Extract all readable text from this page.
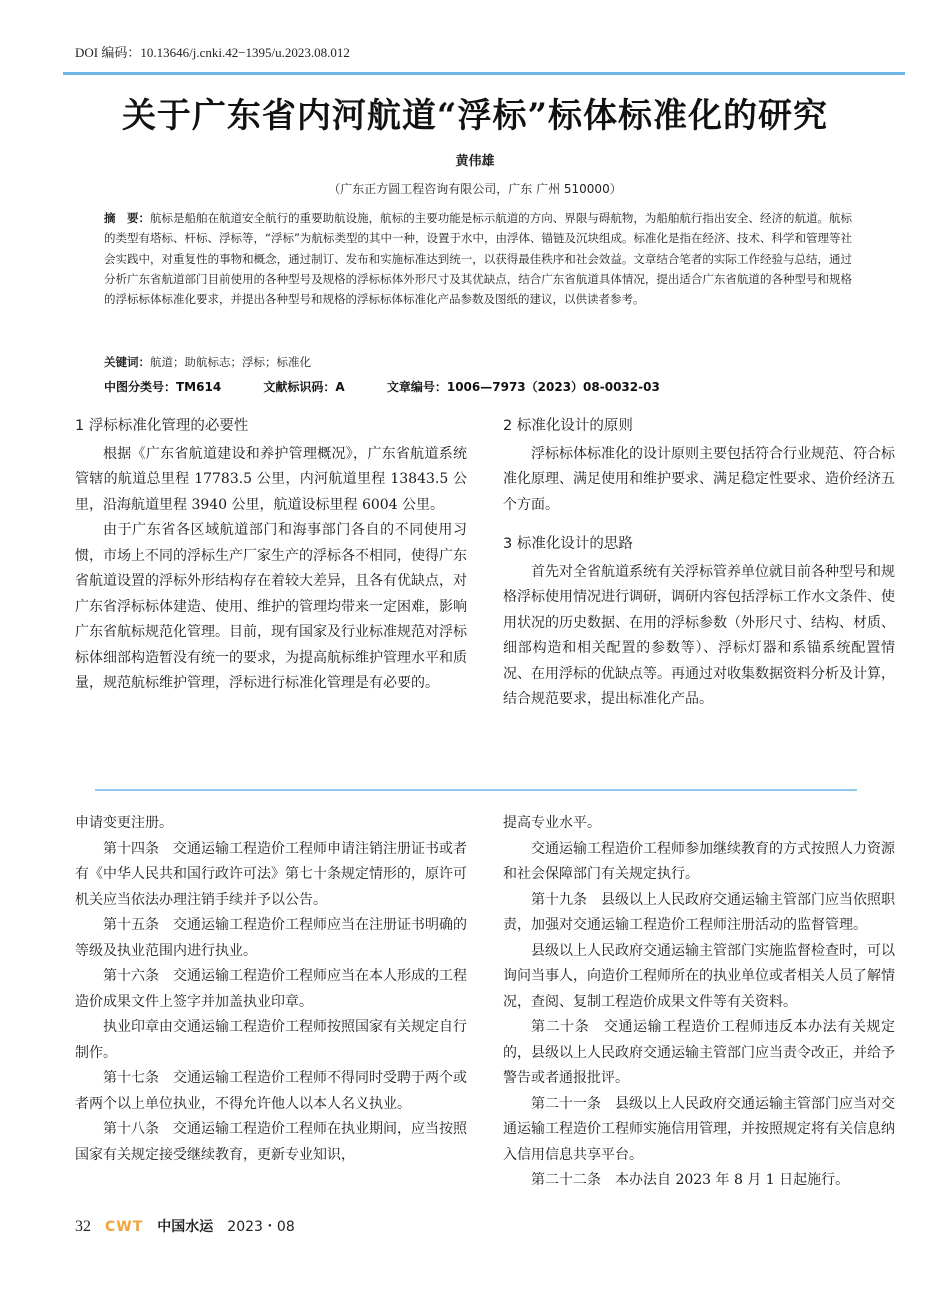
DOI 编码：10.13646/j.cnki.42−1395/u.2023.08.012
关于广东省内河航道“浮标”标体标准化的研究
黄伟雄
（广东正方圆工程咨询有限公司，广东 广州 510000）
摘　要：航标是船舶在航道安全航行的重要助航设施，航标的主要功能是标示航道的方向、界限与碍航物，为船舶航行指出安全、经济的航道。航标的类型有塔标、杆标、浮标等，“浮标”为航标类型的其中一种，设置于水中，由浮体、锚链及沉块组成。标准化是指在经济、技术、科学和管理等社会实践中，对重复性的事物和概念，通过制订、发布和实施标准达到统一，以获得最佳秩序和社会效益。文章结合笔者的实际工作经验与总结，通过分析广东省航道部门目前使用的各种型号及规格的浮标标体外形尺寸及其优缺点，结合广东省航道具体情况，提出适合广东省航道的各种型号和规格的浮标标体标准化要求，并提出各种型号和规格的浮标标体标准化产品参数及图纸的建议，以供读者参考。
关键词：航道；助航标志；浮标；标准化
中图分类号：TM614	文献标识码：A	文章编号：1006—7973（2023）08-0032-03
1 浮标标准化管理的必要性

根据《广东省航道建设和养护管理概况》，广东省航道系统管辖的航道总里程 17783.5 公里，内河航道里程 13843.5 公里，沿海航道里程 3940 公里，航道设标里程 6004 公里。

由于广东省各区域航道部门和海事部门各自的不同使用习惯，市场上不同的浮标生产厂家生产的浮标各不相同，使得广东省航道设置的浮标外形结构存在着较大差异，且各有优缺点，对广东省浮标标体建造、使用、维护的管理均带来一定困难，影响广东省航标规范化管理。目前，现有国家及行业标准规范对浮标标体细部构造暂没有统一的要求，为提高航标维护管理水平和质量，规范航标维护管理，浮标进行标准化管理是有必要的。

2 标准化设计的原则

浮标标体标准化的设计原则主要包括符合行业规范、符合标准化原理、满足使用和维护要求、满足稳定性要求、造价经济五个方面。

3 标准化设计的思路

首先对全省航道系统有关浮标管养单位就目前各种型号和规格浮标使用情况进行调研，调研内容包括浮标工作水文条件、使用状况的历史数据、在用的浮标参数（外形尺寸、结构、材质、细部构造和相关配置的参数等）、浮标灯器和系锚系统配置情况、在用浮标的优缺点等。再通过对收集数据资料分析及计算，结合规范要求，提出标准化产品。

申请变更注册。

第十四条　交通运输工程造价工程师申请注销注册证书或者有《中华人民共和国行政许可法》第七十条规定情形的，原许可机关应当依法办理注销手续并予以公告。

第十五条　交通运输工程造价工程师应当在注册证书明确的等级及执业范围内进行执业。

第十六条　交通运输工程造价工程师应当在本人形成的工程造价成果文件上签字并加盖执业印章。

执业印章由交通运输工程造价工程师按照国家有关规定自行制作。

第十七条　交通运输工程造价工程师不得同时受聘于两个或者两个以上单位执业，不得允许他人以本人名义执业。

第十八条　交通运输工程造价工程师在执业期间，应当按照国家有关规定接受继续教育，更新专业知识，

提高专业水平。

交通运输工程造价工程师参加继续教育的方式按照人力资源和社会保障部门有关规定执行。

第十九条　县级以上人民政府交通运输主管部门应当依照职责，加强对交通运输工程造价工程师注册活动的监督管理。

县级以上人民政府交通运输主管部门实施监督检查时，可以询问当事人，向造价工程师所在的执业单位或者相关人员了解情况，查阅、复制工程造价成果文件等有关资料。

第二十条　交通运输工程造价工程师违反本办法有关规定的，县级以上人民政府交通运输主管部门应当责令改正，并给予警告或者通报批评。

第二十一条　县级以上人民政府交通运输主管部门应当对交通运输工程造价工程师实施信用管理，并按照规定将有关信息纳入信用信息共享平台。

第二十二条　本办法自 2023 年 8 月 1 日起施行。

32 CWT 中国水运 2023・08
